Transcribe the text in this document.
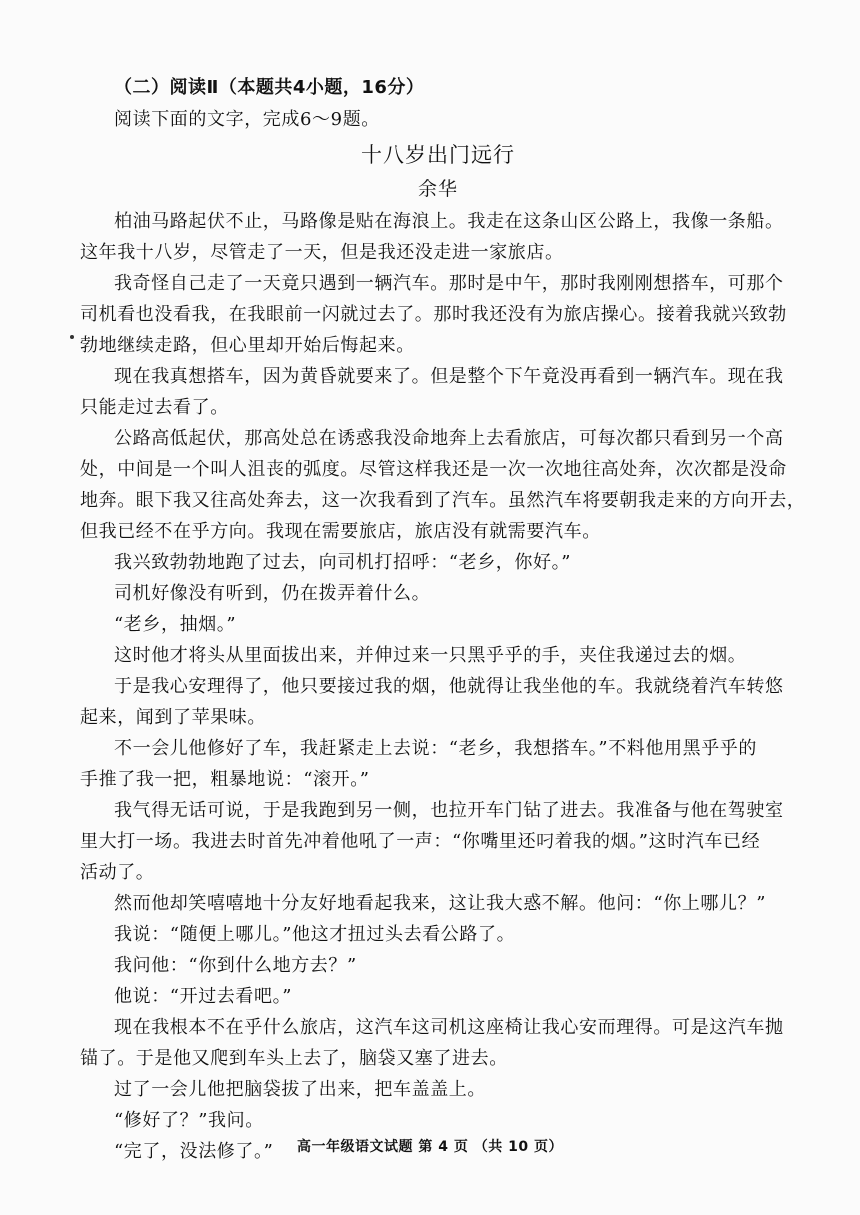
（二）阅读Ⅱ（本题共4小题，16分）
阅读下面的文字，完成6～9题。
十八岁出门远行
余华
柏油马路起伏不止，马路像是贴在海浪上。我走在这条山区公路上，我像一条船。
这年我十八岁，尽管走了一天，但是我还没走进一家旅店。
我奇怪自己走了一天竟只遇到一辆汽车。那时是中午，那时我刚刚想搭车，可那个
司机看也没看我，在我眼前一闪就过去了。那时我还没有为旅店操心。接着我就兴致勃
勃地继续走路，但心里却开始后悔起来。
现在我真想搭车，因为黄昏就要来了。但是整个下午竟没再看到一辆汽车。现在我
只能走过去看了。
公路高低起伏，那高处总在诱惑我没命地奔上去看旅店，可每次都只看到另一个高
处，中间是一个叫人沮丧的弧度。尽管这样我还是一次一次地往高处奔，次次都是没命
地奔。眼下我又往高处奔去，这一次我看到了汽车。虽然汽车将要朝我走来的方向开去，
但我已经不在乎方向。我现在需要旅店，旅店没有就需要汽车。
我兴致勃勃地跑了过去，向司机打招呼：“老乡，你好。”
司机好像没有听到，仍在拨弄着什么。
“老乡，抽烟。”
这时他才将头从里面拔出来，并伸过来一只黑乎乎的手，夹住我递过去的烟。
于是我心安理得了，他只要接过我的烟，他就得让我坐他的车。我就绕着汽车转悠
起来，闻到了苹果味。
不一会儿他修好了车，我赶紧走上去说：“老乡，我想搭车。”不料他用黑乎乎的
手推了我一把，粗暴地说：“滚开。”
我气得无话可说，于是我跑到另一侧，也拉开车门钻了进去。我准备与他在驾驶室
里大打一场。我进去时首先冲着他吼了一声：“你嘴里还叼着我的烟。”这时汽车已经
活动了。
然而他却笑嘻嘻地十分友好地看起我来，这让我大惑不解。他问：“你上哪儿？”
我说：“随便上哪儿。”他这才扭过头去看公路了。
我问他：“你到什么地方去？”
他说：“开过去看吧。”
现在我根本不在乎什么旅店，这汽车这司机这座椅让我心安而理得。可是这汽车抛
锚了。于是他又爬到车头上去了，脑袋又塞了进去。
过了一会儿他把脑袋拔了出来，把车盖盖上。
“修好了？”我问。
“完了，没法修了。”	高一年级语文试题 第 4 页 （共 10 页）
